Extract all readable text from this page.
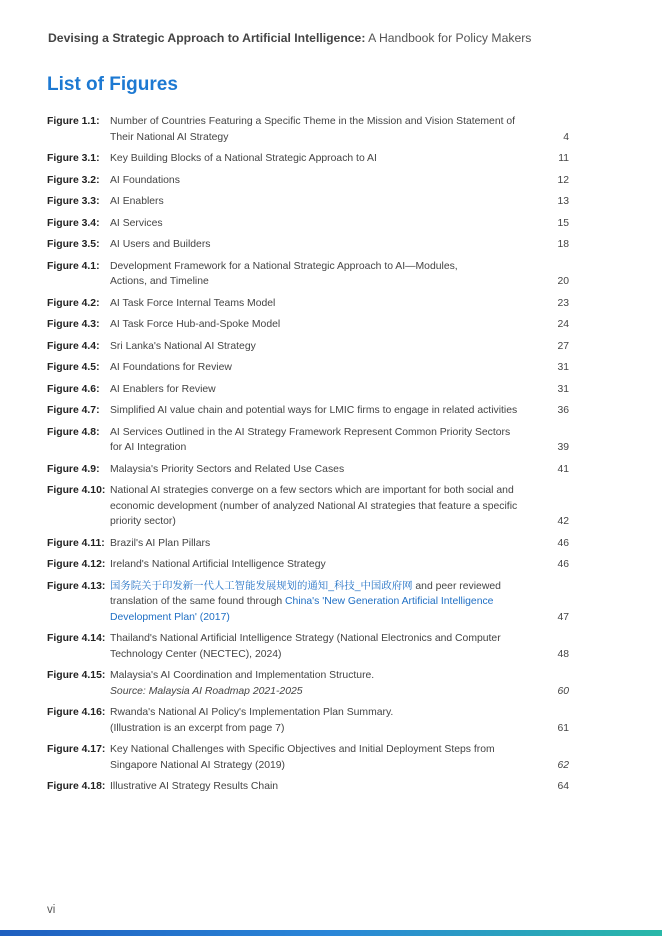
Devising a Strategic Approach to Artificial Intelligence: A Handbook for Policy Makers
List of Figures
Figure 1.1:	Number of Countries Featuring a Specific Theme in the Mission and Vision Statement of
Their National AI Strategy	4
Figure 3.1:	Key Building Blocks of a National Strategic Approach to AI	11
Figure 3.2:	AI Foundations	12
Figure 3.3:	AI Enablers	13
Figure 3.4:	AI Services	15
Figure 3.5:	AI Users and Builders	18
Figure 4.1:	Development Framework for a National Strategic Approach to AI—Modules,
Actions, and Timeline	20
Figure 4.2:	AI Task Force Internal Teams Model	23
Figure 4.3:	AI Task Force Hub-and-Spoke Model	24
Figure 4.4:	Sri Lanka's National AI Strategy	27
Figure 4.5:	AI Foundations for Review	31
Figure 4.6:	AI Enablers for Review	31
Figure 4.7:	Simplified AI value chain and potential ways for LMIC firms to engage in related activities	36
Figure 4.8:	AI Services Outlined in the AI Strategy Framework Represent Common Priority Sectors
for AI Integration	39
Figure 4.9:	Malaysia's Priority Sectors and Related Use Cases	41
Figure 4.10: National AI strategies converge on a few sectors which are important for both social and
economic development (number of analyzed National AI strategies that feature a specific
priority sector)	42
Figure 4.11: Brazil's AI Plan Pillars	46
Figure 4.12: Ireland's National Artificial Intelligence Strategy	46
Figure 4.13: 国务院关于印发新一代人工智能发展规划的通知_科技_中国政府网 and peer reviewed
translation of the same found through China's 'New Generation Artificial Intelligence
Development Plan' (2017)	47
Figure 4.14: Thailand's National Artificial Intelligence Strategy (National Electronics and Computer
Technology Center (NECTEC), 2024)	48
Figure 4.15: Malaysia's AI Coordination and Implementation Structure.
Source: Malaysia AI Roadmap 2021-2025	60
Figure 4.16: Rwanda's National AI Policy's Implementation Plan Summary.
(Illustration is an excerpt from page 7)	61
Figure 4.17: Key National Challenges with Specific Objectives and Initial Deployment Steps from
Singapore National AI Strategy (2019)	62
Figure 4.18: Illustrative AI Strategy Results Chain	64
vi
